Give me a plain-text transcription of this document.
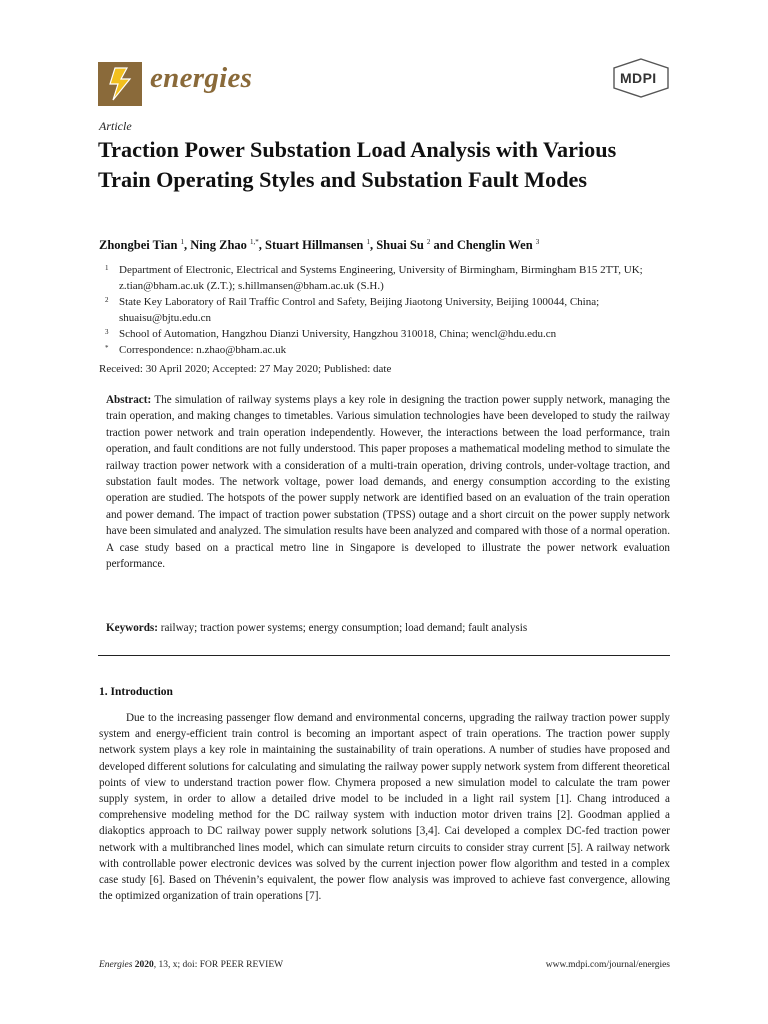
energies	MDPI
Article
Traction Power Substation Load Analysis with Various Train Operating Styles and Substation Fault Modes
Zhongbei Tian $^1$, Ning Zhao $^{1,*}$, Stuart Hillmansen $^1$, Shuai Su $^2$ and Chenglin Wen $^3$
1 Department of Electronic, Electrical and Systems Engineering, University of Birmingham, Birmingham B15 2TT, UK; z.tian@bham.ac.uk (Z.T.); s.hillmansen@bham.ac.uk (S.H.)
2 State Key Laboratory of Rail Traffic Control and Safety, Beijing Jiaotong University, Beijing 100044, China; shuaisu@bjtu.edu.cn
3 School of Automation, Hangzhou Dianzi University, Hangzhou 310018, China; wencl@hdu.edu.cn
* Correspondence: n.zhao@bham.ac.uk
Received: 30 April 2020; Accepted: 27 May 2020; Published: date
Abstract: The simulation of railway systems plays a key role in designing the traction power supply network, managing the train operation, and making changes to timetables. Various simulation technologies have been developed to study the railway traction power network and train operation independently. However, the interactions between the load performance, train operation, and fault conditions are not fully understood. This paper proposes a mathematical modeling method to simulate the railway traction power network with a consideration of a multi-train operation, driving controls, under-voltage traction, and substation fault modes. The network voltage, power load demands, and energy consumption according to the existing operation are studied. The hotspots of the power supply network are identified based on an evaluation of the train operation and power demand. The impact of traction power substation (TPSS) outage and a short circuit on the power supply network have been simulated and analyzed. The simulation results have been analyzed and compared with those of a normal operation. A case study based on a practical metro line in Singapore is developed to illustrate the power network evaluation performance.
Keywords: railway; traction power systems; energy consumption; load demand; fault analysis
1. Introduction
Due to the increasing passenger flow demand and environmental concerns, upgrading the railway traction power supply system and energy-efficient train control is becoming an important aspect of train operations. The traction power supply network system plays a key role in maintaining the sustainability of train operations. A number of studies have proposed and developed different solutions for calculating and simulating the railway power supply network system from different theoretical points of view to understand traction power flow. Chymera proposed a new simulation model to calculate the tram power supply system, in order to allow a detailed drive model to be included in a light rail system [1]. Chang introduced a comprehensive modeling method for the DC railway system with induction motor driven trains [2]. Goodman applied a diakoptics approach to DC railway power supply network solutions [3,4]. Cai developed a complex DC-fed traction power network with a multibranched lines model, which can simulate return circuits to consider stray current [5]. A railway network with controllable power electronic devices was solved by the current injection power flow algorithm and tested in a complex case study [6]. Based on Thévenin’s equivalent, the power flow analysis was improved to achieve fast convergence, allowing the optimized organization of train operations [7].
Energies 2020, 13, x; doi: FOR PEER REVIEW	www.mdpi.com/journal/energies
